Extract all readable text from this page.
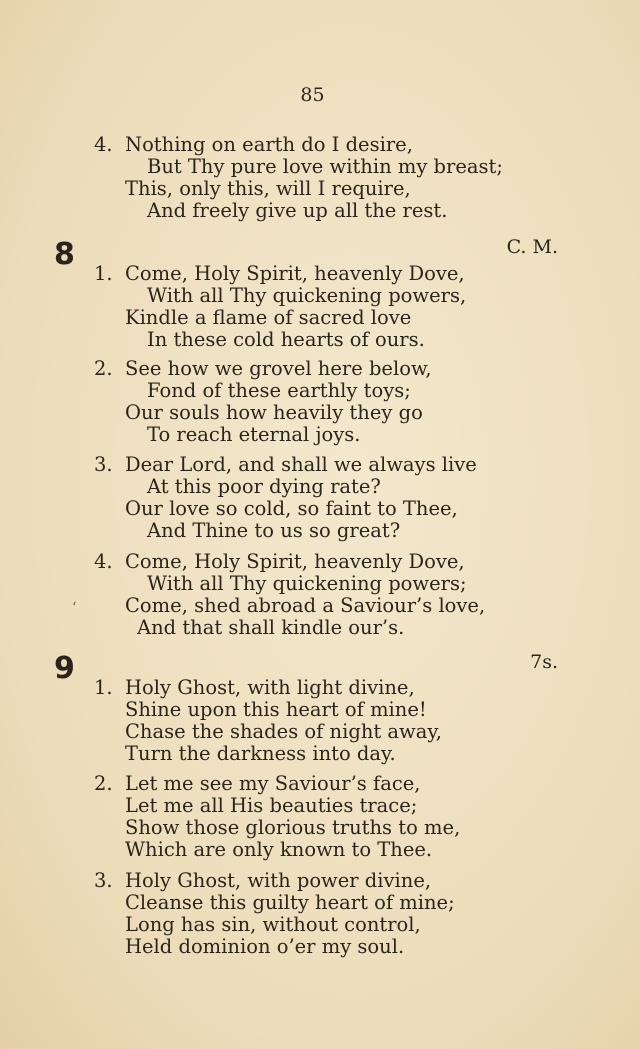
85
4. Nothing on earth do I desire,
But Thy pure love within my breast;
This, only this, will I require,
And freely give up all the rest.
8	C. M.
1. Come, Holy Spirit, heavenly Dove,
With all Thy quickening powers,
Kindle a flame of sacred love
In these cold hearts of ours.
2. See how we grovel here below,
Fond of these earthly toys;
Our souls how heavily they go
To reach eternal joys.
3. Dear Lord, and shall we always live
At this poor dying rate?
Our love so cold, so faint to Thee,
And Thine to us so great?
4. Come, Holy Spirit, heavenly Dove,
With all Thy quickening powers;
Come, shed abroad a Saviour’s love,
And that shall kindle our’s.
ʻ
9	7s.
1. Holy Ghost, with light divine,
Shine upon this heart of mine!
Chase the shades of night away,
Turn the darkness into day.
2. Let me see my Saviour’s face,
Let me all His beauties trace;
Show those glorious truths to me,
Which are only known to Thee.
3. Holy Ghost, with power divine,
Cleanse this guilty heart of mine;
Long has sin, without control,
Held dominion o’er my soul.
